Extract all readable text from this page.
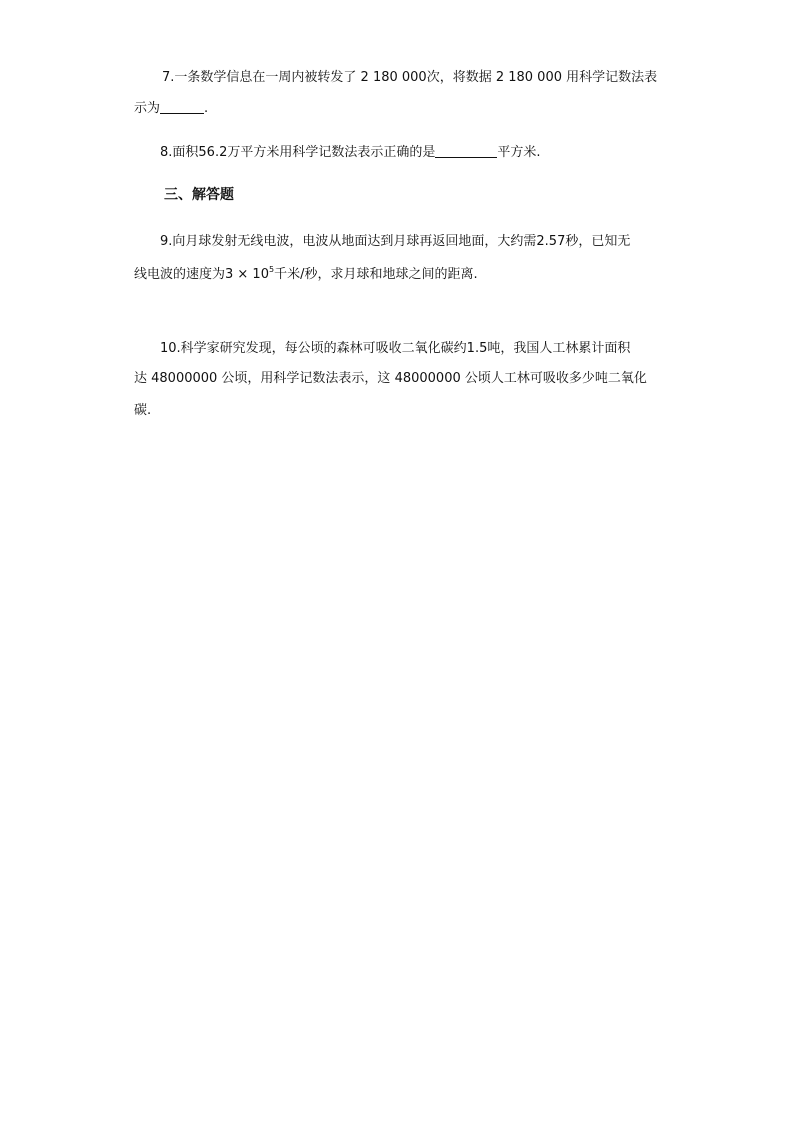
7.一条数学信息在一周内被转发了 2 180 000次，将数据 2 180 000 用科学记数法表
示为	.
8.面积56.2万平方米用科学记数法表示正确的是	平方米.
三、解答题
9.向月球发射无线电波，电波从地面达到月球再返回地面，大约需2.57秒，已知无
线电波的速度为$3 \times 10^5$千米/秒，求月球和地球之间的距离.
10.科学家研究发现，每公顷的森林可吸收二氧化碳约1.5吨，我国人工林累计面积
达 48000000 公顷，用科学记数法表示，这 48000000 公顷人工林可吸收多少吨二氧化
碳.
